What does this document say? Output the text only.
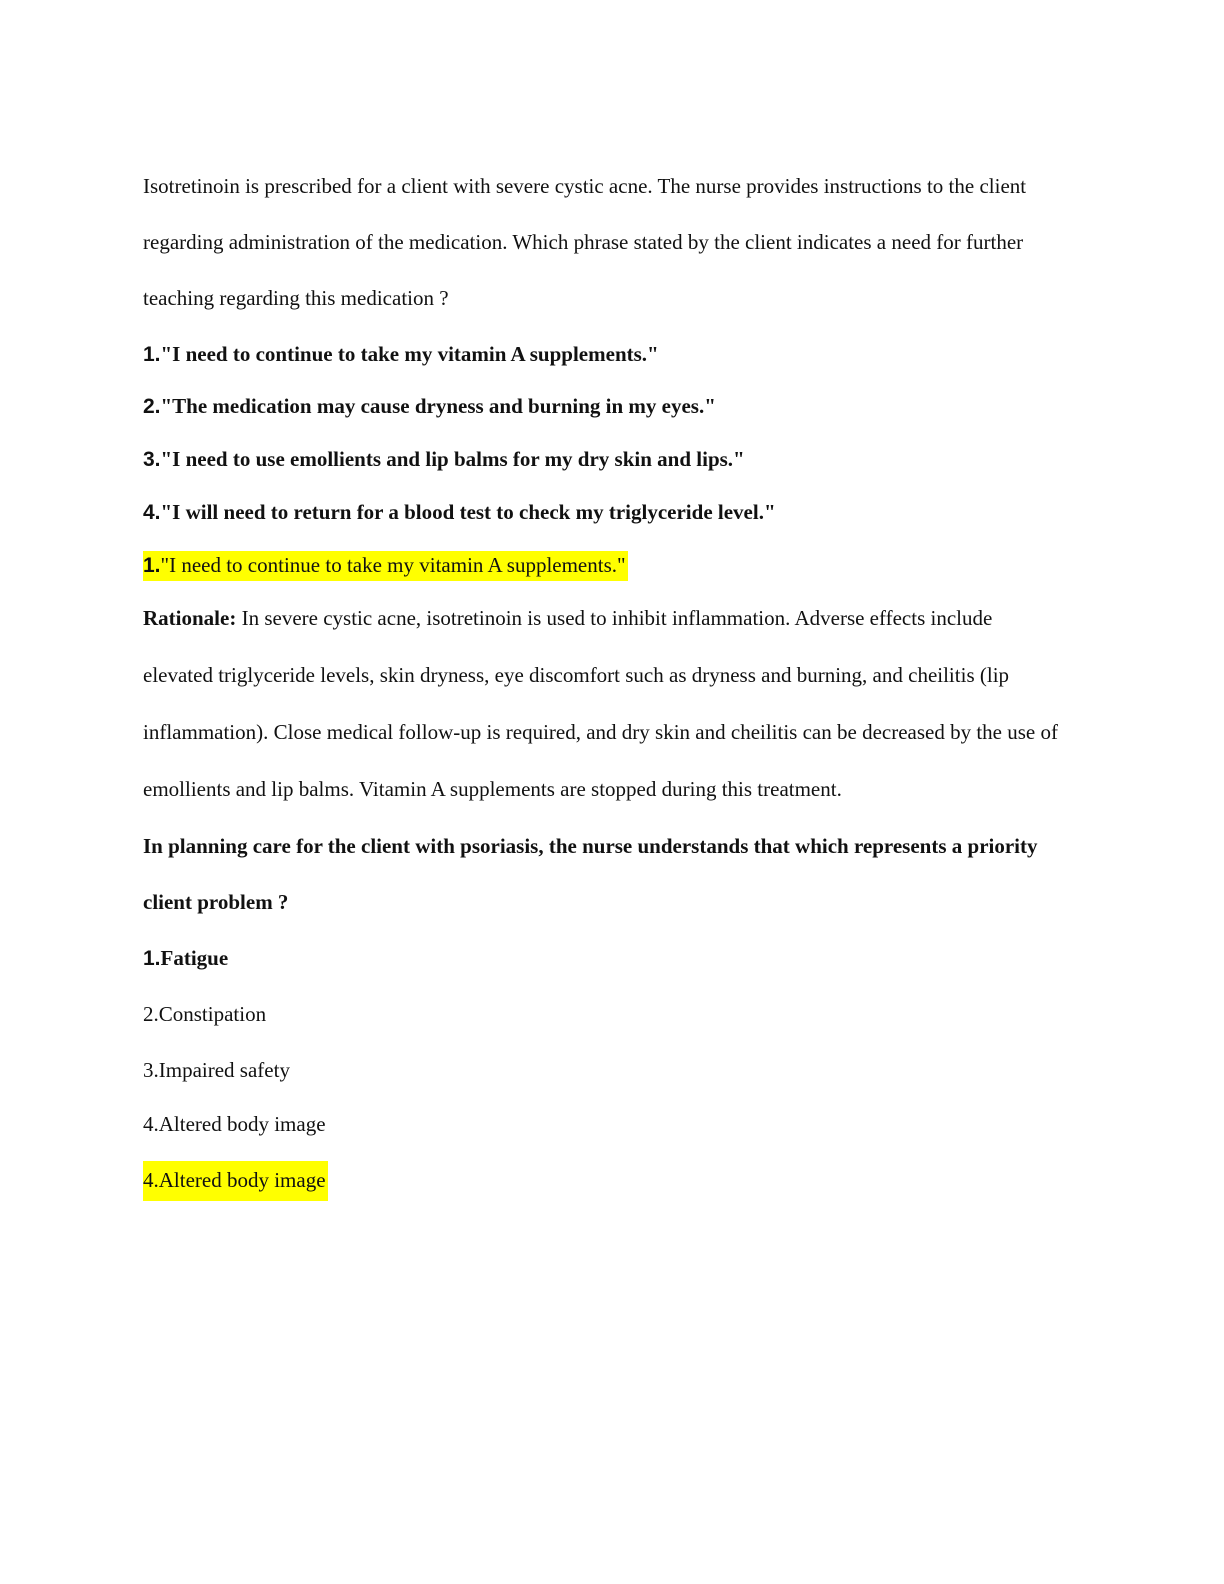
Isotretinoin is prescribed for a client with severe cystic acne. The nurse provides instructions to the client regarding administration of the medication. Which phrase stated by the client indicates a need for further teaching regarding this medication ?

1."I need to continue to take my vitamin A supplements."
2."The medication may cause dryness and burning in my eyes."
3."I need to use emollients and lip balms for my dry skin and lips."
4."I will need to return for a blood test to check my triglyceride level."
1."I need to continue to take my vitamin A supplements."

Rationale: In severe cystic acne, isotretinoin is used to inhibit inflammation. Adverse effects include elevated triglyceride levels, skin dryness, eye discomfort such as dryness and burning, and cheilitis (lip inflammation). Close medical follow-up is required, and dry skin and cheilitis can be decreased by the use of emollients and lip balms. Vitamin A supplements are stopped during this treatment.

In planning care for the client with psoriasis, the nurse understands that which represents a priority client problem ?

1.Fatigue
2.Constipation
3.Impaired safety
4.Altered body image
4.Altered body image
